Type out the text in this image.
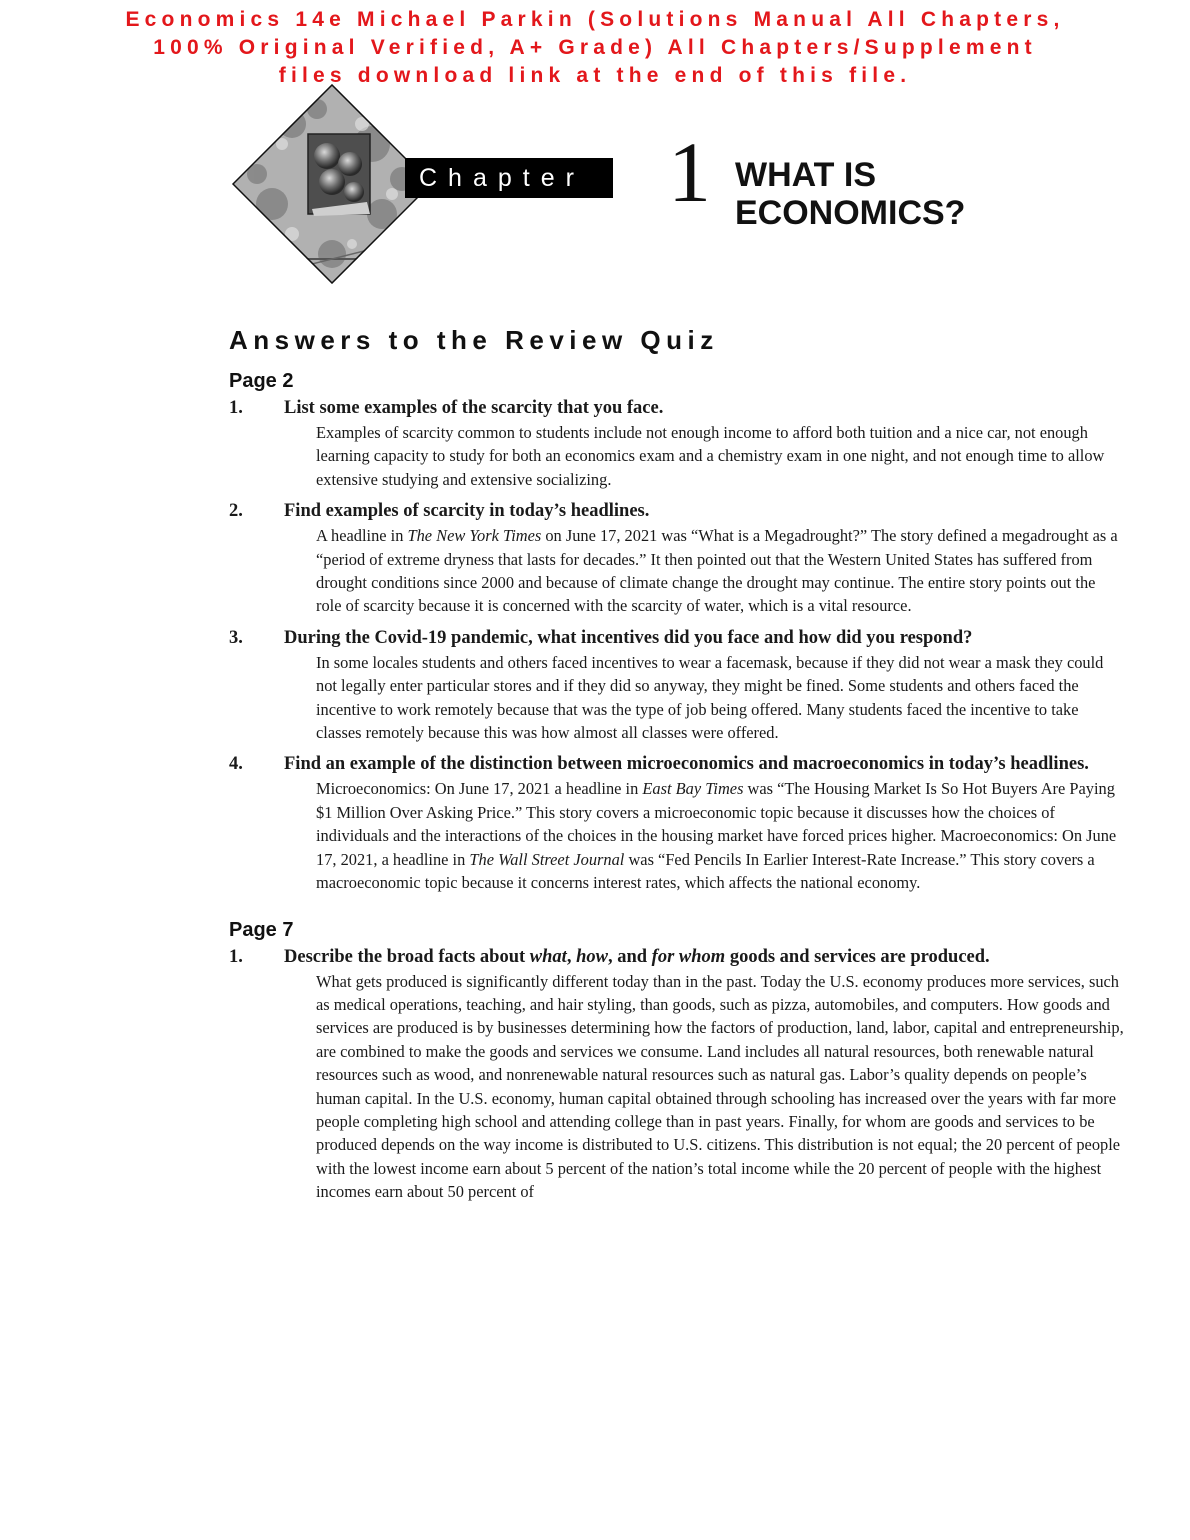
Economics 14e Michael Parkin (Solutions Manual All Chapters,
100% Original Verified, A+ Grade) All Chapters/Supplement
files download link at the end of this file.
Chapter 1 WHAT IS
ECONOMICS?
Answers to the Review Quiz
Page 2
1.	List some examples of the scarcity that you face.
Examples of scarcity common to students include not enough income to afford both tuition and a nice car, not enough learning capacity to study for both an economics exam and a chemistry exam in one night, and not enough time to allow extensive studying and extensive socializing.
2.	Find examples of scarcity in today’s headlines.
A headline in The New York Times on June 17, 2021 was “What is a Megadrought?” The story defined a megadrought as a “period of extreme dryness that lasts for decades.” It then pointed out that the Western United States has suffered from drought conditions since 2000 and because of climate change the drought may continue. The entire story points out the role of scarcity because it is concerned with the scarcity of water, which is a vital resource.
3.	During the Covid-19 pandemic, what incentives did you face and how did you respond?
In some locales students and others faced incentives to wear a facemask, because if they did not wear a mask they could not legally enter particular stores and if they did so anyway, they might be fined. Some students and others faced the incentive to work remotely because that was the type of job being offered. Many students faced the incentive to take classes remotely because this was how almost all classes were offered.
4.	Find an example of the distinction between microeconomics and macroeconomics in today’s headlines.
Microeconomics: On June 17, 2021 a headline in East Bay Times was “The Housing Market Is So Hot Buyers Are Paying $1 Million Over Asking Price.” This story covers a microeconomic topic because it discusses how the choices of individuals and the interactions of the choices in the housing market have forced prices higher. Macroeconomics: On June 17, 2021, a headline in The Wall Street Journal was “Fed Pencils In Earlier Interest-Rate Increase.” This story covers a macroeconomic topic because it concerns interest rates, which affects the national economy.
Page 7
1.	Describe the broad facts about what, how, and for whom goods and services are produced.
What gets produced is significantly different today than in the past. Today the U.S. economy produces more services, such as medical operations, teaching, and hair styling, than goods, such as pizza, automobiles, and computers. How goods and services are produced is by businesses determining how the factors of production, land, labor, capital and entrepreneurship, are combined to make the goods and services we consume. Land includes all natural resources, both renewable natural resources such as wood, and nonrenewable natural resources such as natural gas. Labor’s quality depends on people’s human capital. In the U.S. economy, human capital obtained through schooling has increased over the years with far more people completing high school and attending college than in past years. Finally, for whom are goods and services to be produced depends on the way income is distributed to U.S. citizens. This distribution is not equal; the 20 percent of people with the lowest income earn about 5 percent of the nation’s total income while the 20 percent of people with the highest incomes earn about 50 percent of
